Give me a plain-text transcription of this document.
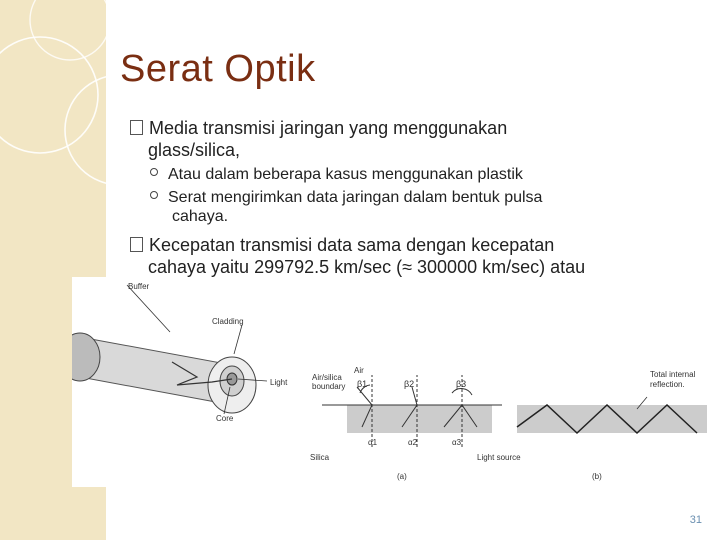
Serat Optik
Media transmisi jaringan yang menggunakan
glass/silica,
Atau dalam beberapa kasus menggunakan plastik
Serat mengirimkan data jaringan dalam bentuk pulsa
cahaya.
Kecepatan transmisi data sama dengan kecepatan
cahaya yaitu 299792.5 km/sec (≈ 300000 km/sec) atau
Buffer
Cladding
Light
Core
Air
Air/silica
boundary β1	β2	β3
α1	α2	α3
Silica	Light source
(a)
Total internal
reflection.
(b)
31
